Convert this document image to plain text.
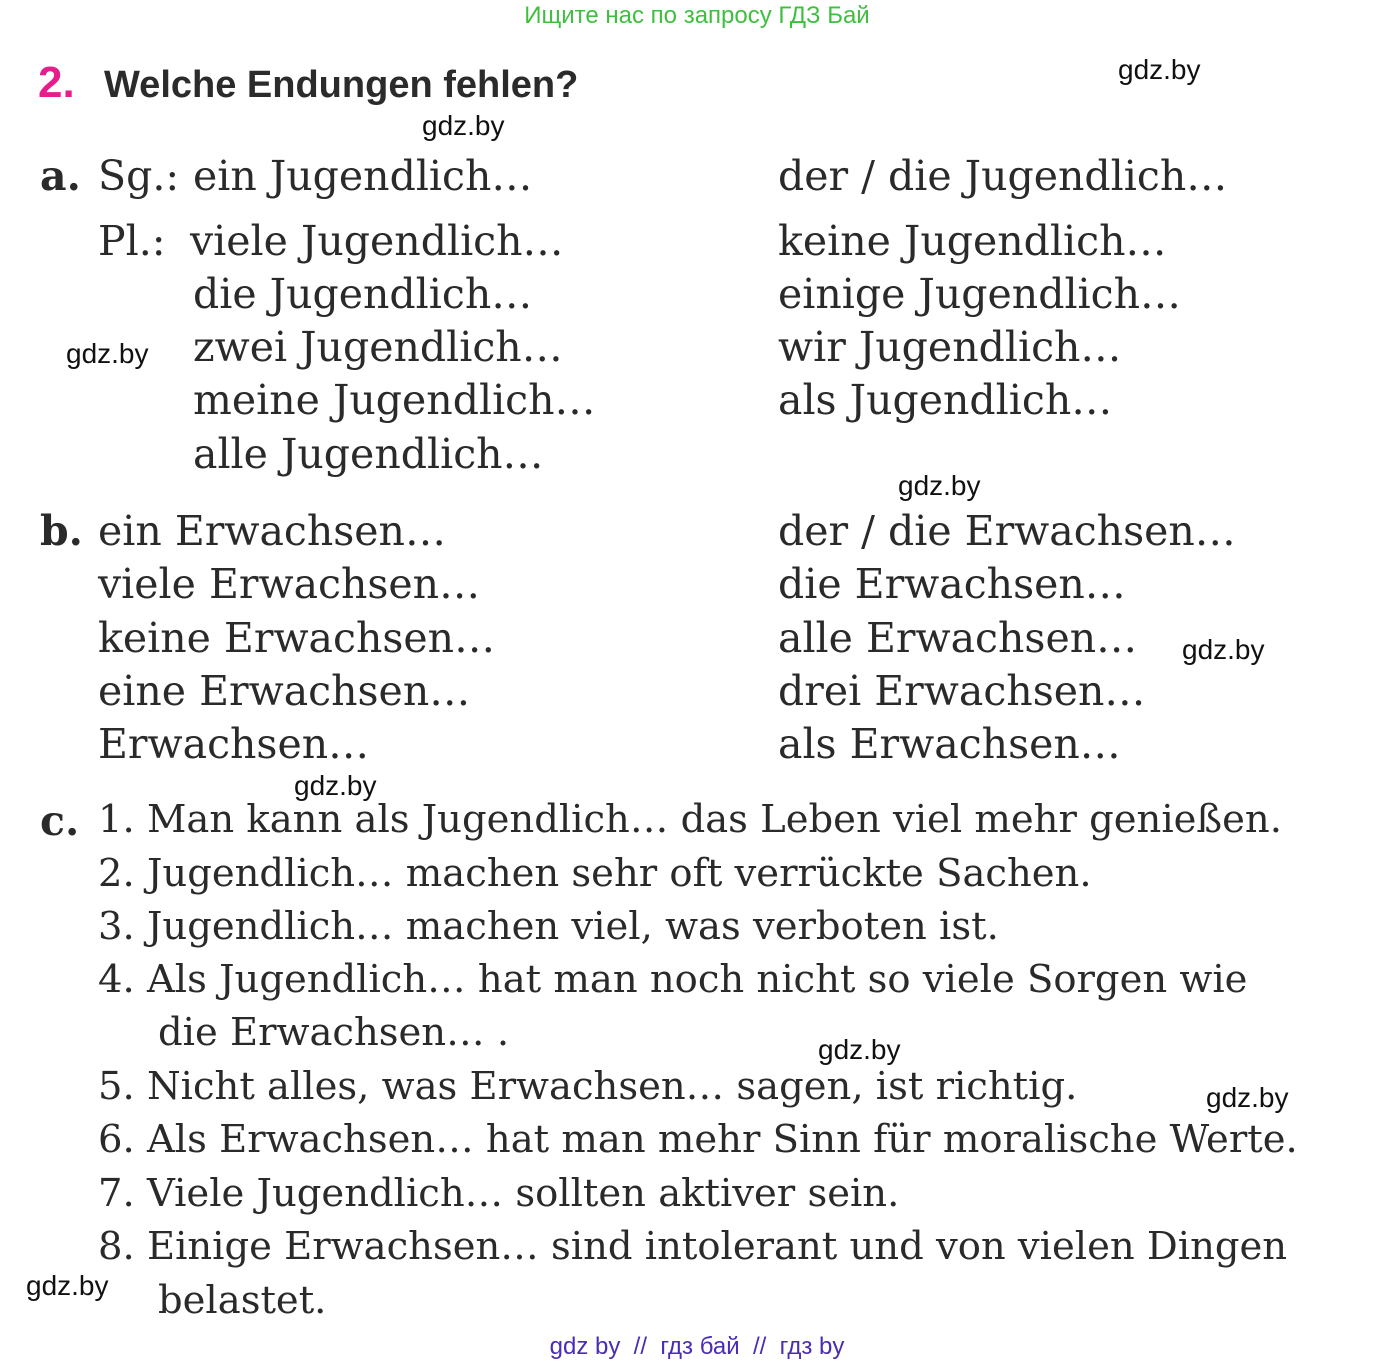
Ищите нас по запросу ГДЗ Бай
2. Welche Endungen fehlen?	gdz.by
gdz.by
gdz.by
gdz.by
gdz.by
gdz.by
gdz.by
gdz.by
gdz.by
a. Sg.: ein Jugendlich…	der / die Jugendlich…
Pl.: viele Jugendlich…
die Jugendlich…
zwei Jugendlich…
meine Jugendlich…
alle Jugendlich…
keine Jugendlich…
einige Jugendlich…
wir Jugendlich…
als Jugendlich…
b. ein Erwachsen…
viele Erwachsen…
keine Erwachsen…
eine Erwachsen…
Erwachsen…
der / die Erwachsen…
die Erwachsen…
alle Erwachsen…
drei Erwachsen…
als Erwachsen…
c. 1. Man kann als Jugendlich… das Leben viel mehr genießen.
2. Jugendlich… machen sehr oft verrückte Sachen.
3. Jugendlich… machen viel, was verboten ist.
4. Als Jugendlich… hat man noch nicht so viele Sorgen wie
die Erwachsen… .
5. Nicht alles, was Erwachsen… sagen, ist richtig.
6. Als Erwachsen… hat man mehr Sinn für moralische Werte.
7. Viele Jugendlich… sollten aktiver sein.
8. Einige Erwachsen… sind intolerant und von vielen Dingen
belastet.
gdz by  //  гдз бай  //  гдз by
